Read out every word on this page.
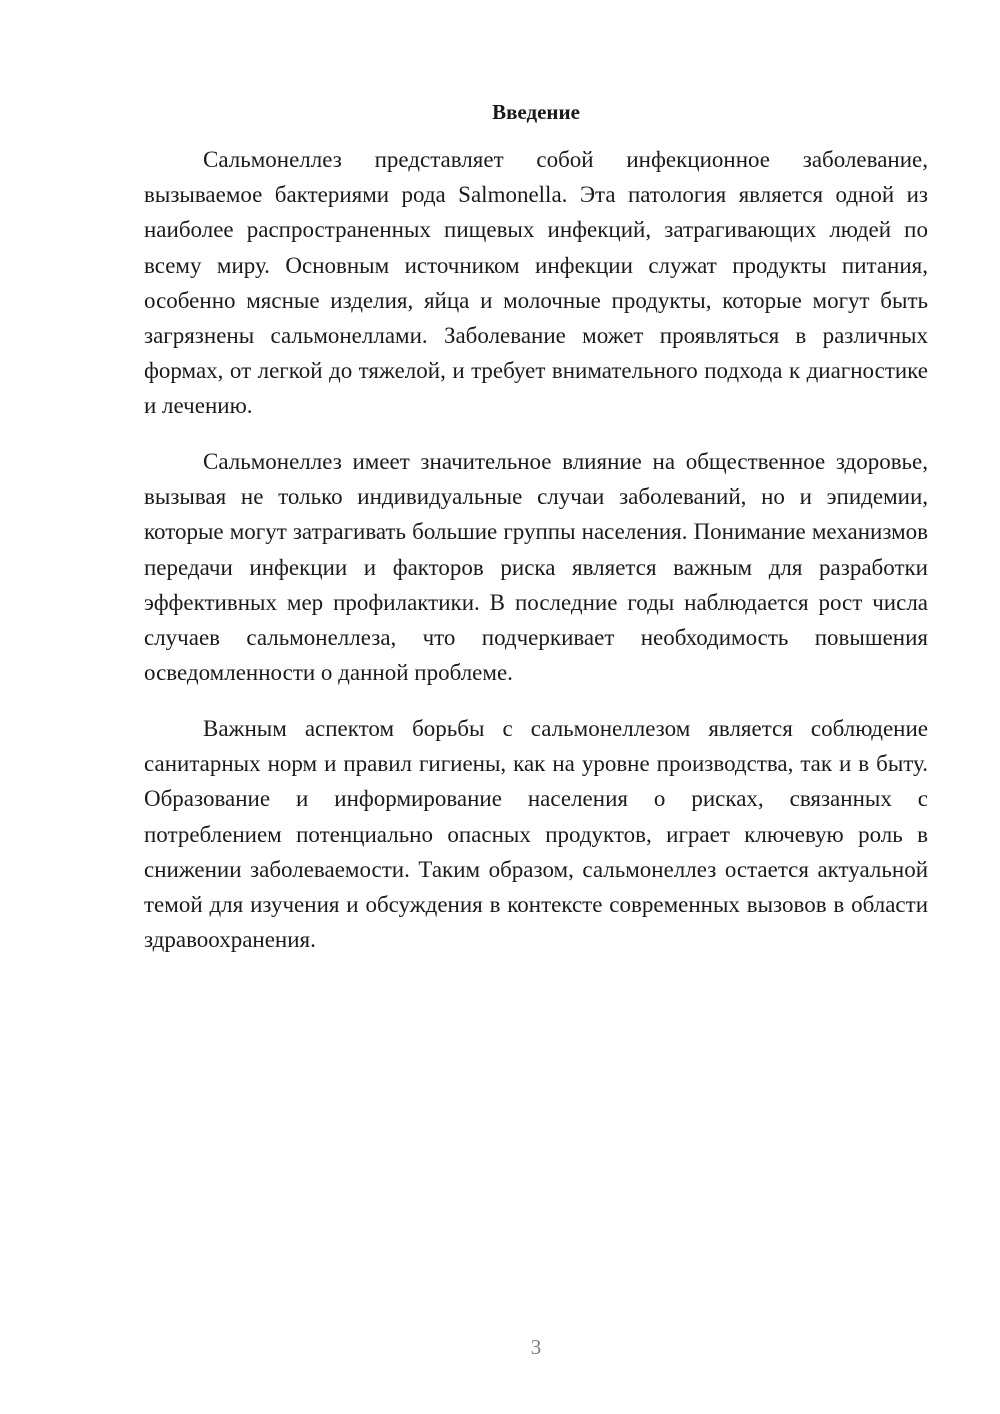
Введение

Сальмонеллез представляет собой инфекционное заболевание, вызываемое бактериями рода Salmonella. Эта патология является одной из наиболее распространенных пищевых инфекций, затрагивающих людей по всему миру. Основным источником инфекции служат продукты питания, особенно мясные изделия, яйца и молочные продукты, которые могут быть загрязнены сальмонеллами. Заболевание может проявляться в различных формах, от легкой до тяжелой, и требует внимательного подхода к диагностике и лечению.

Сальмонеллез имеет значительное влияние на общественное здоровье, вызывая не только индивидуальные случаи заболеваний, но и эпидемии, которые могут затрагивать большие группы населения. Понимание механизмов передачи инфекции и факторов риска является важным для разработки эффективных мер профилактики. В последние годы наблюдается рост числа случаев сальмонеллеза, что подчеркивает необходимость повышения осведомленности о данной проблеме.

Важным аспектом борьбы с сальмонеллезом является соблюдение санитарных норм и правил гигиены, как на уровне производства, так и в быту. Образование и информирование населения о рисках, связанных с потреблением потенциально опасных продуктов, играет ключевую роль в снижении заболеваемости. Таким образом, сальмонеллез остается актуальной темой для изучения и обсуждения в контексте современных вызовов в области здравоохранения.

3
